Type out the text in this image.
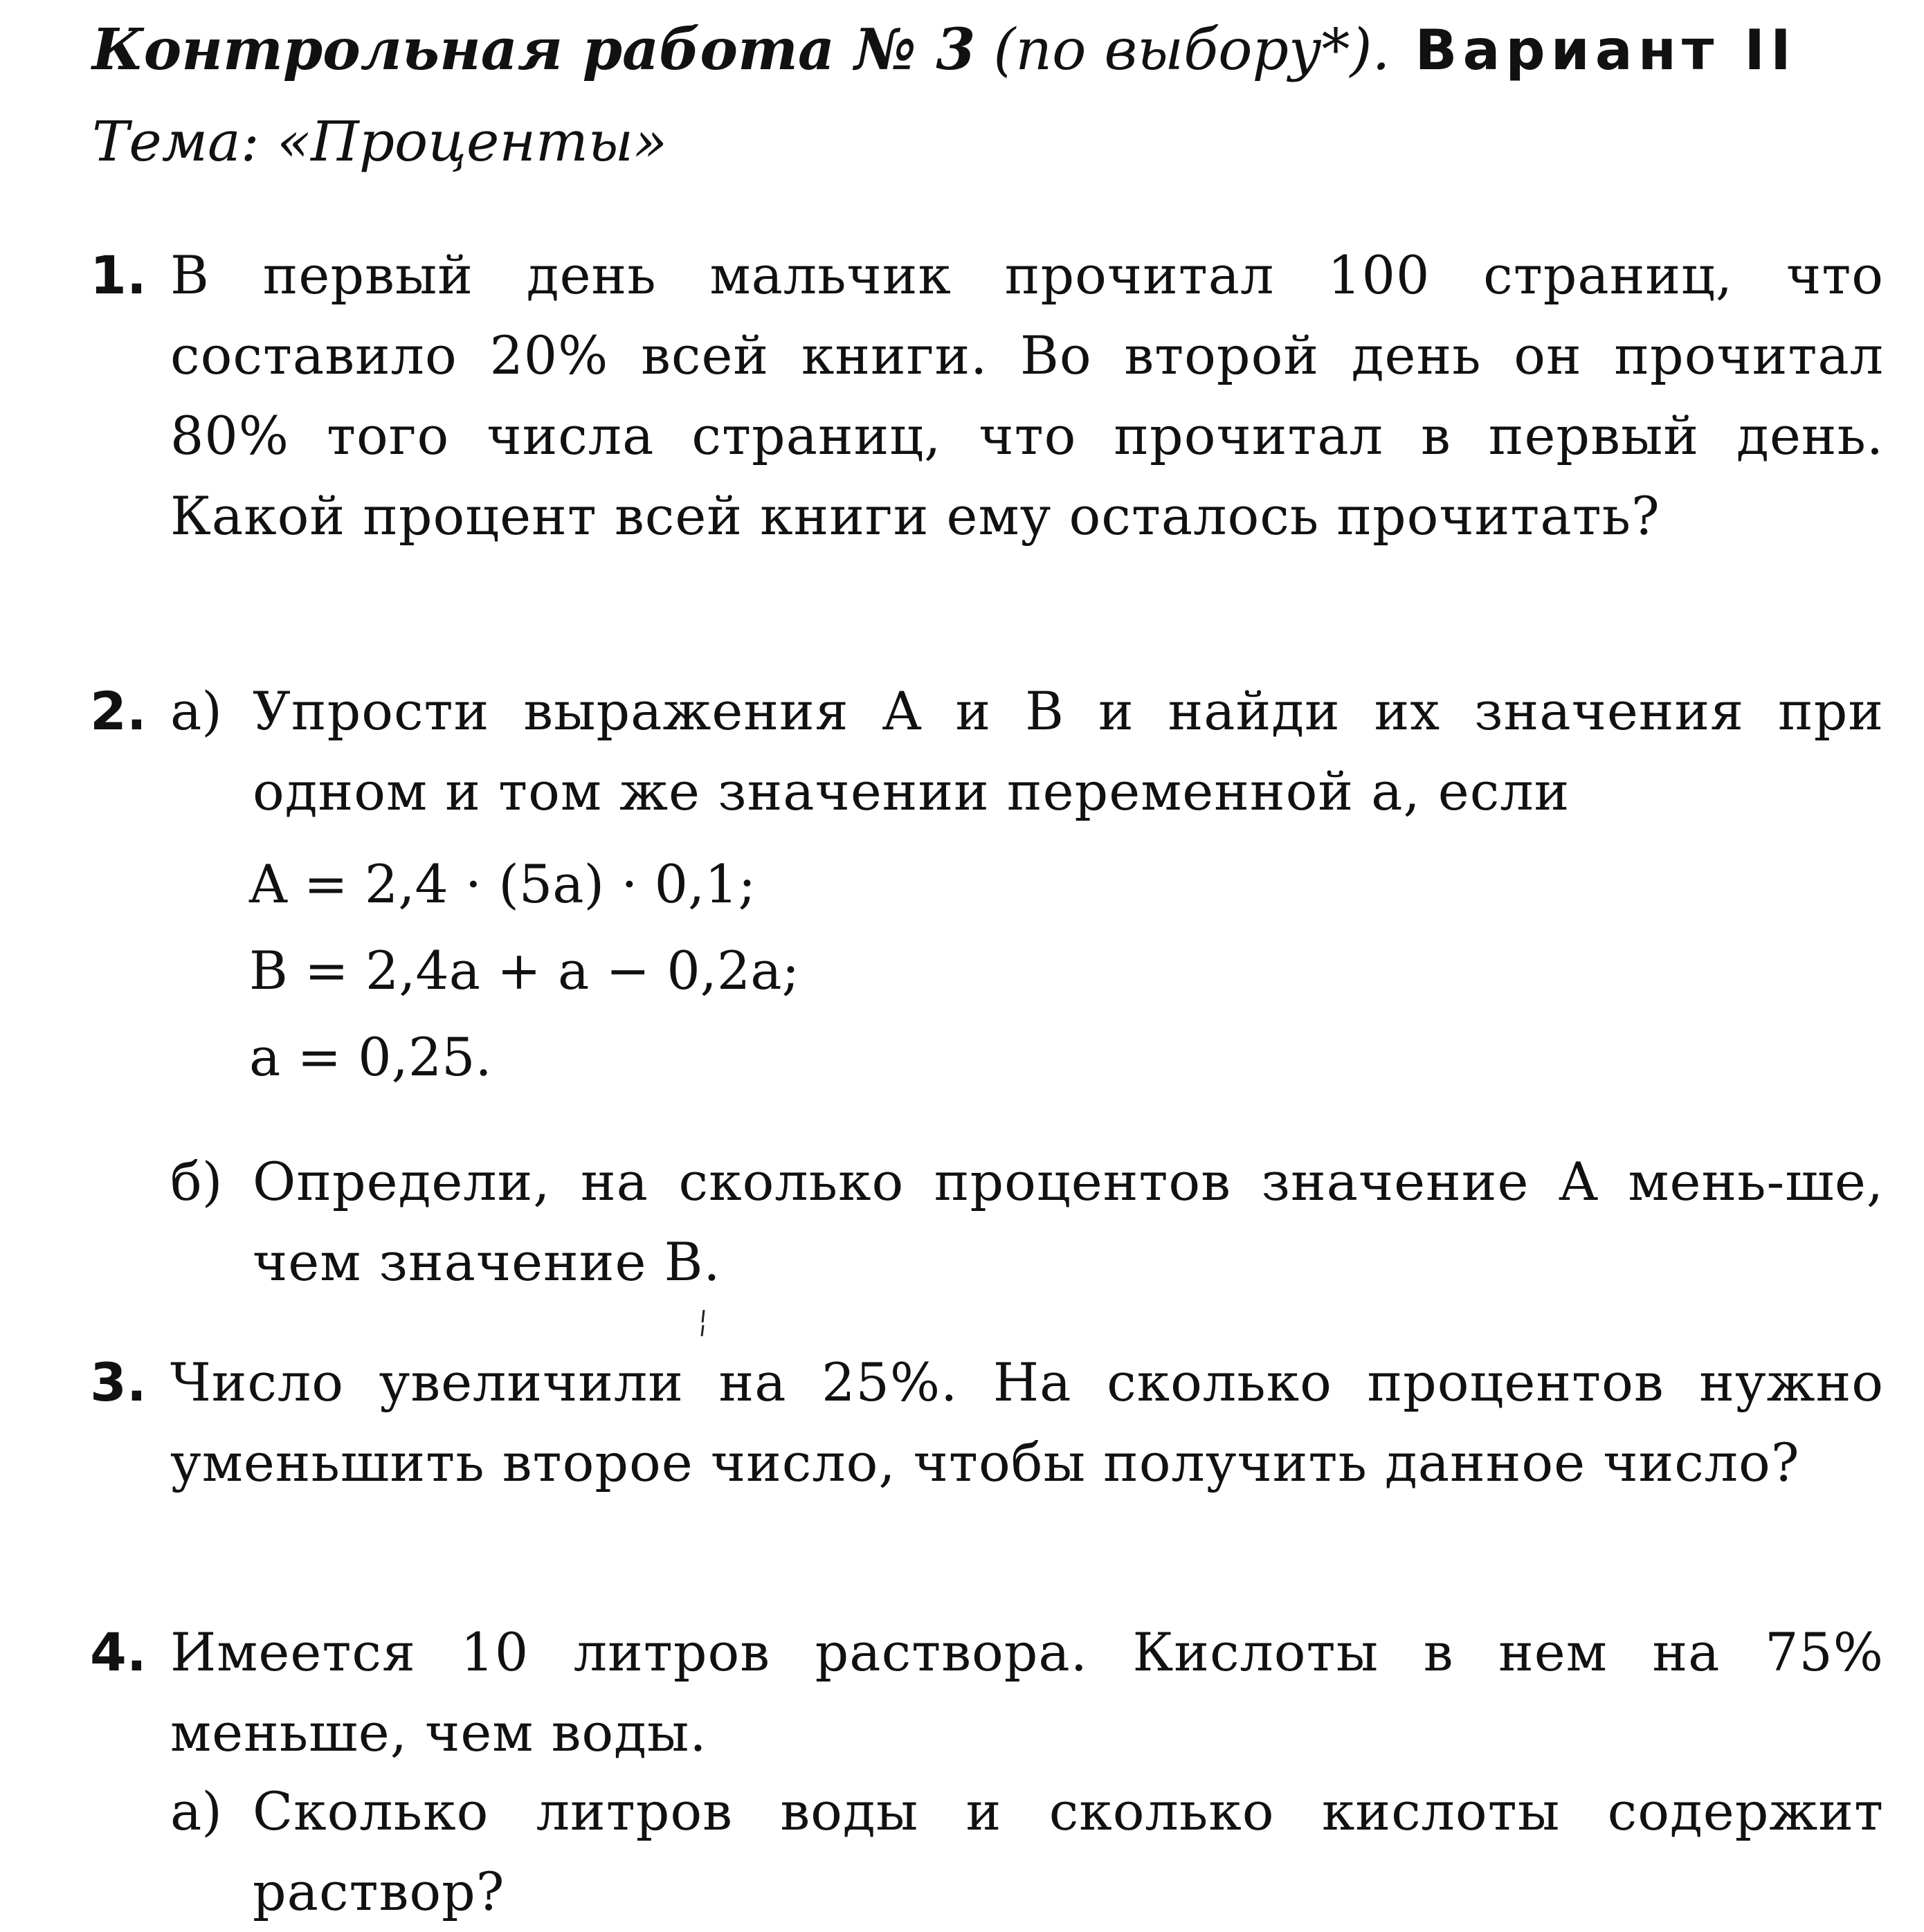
Контрольная работа № 3 (по выбору*). Вариант II
Тема: «Проценты»
1. В первый день мальчик прочитал 100 страниц, что составило 20% всей книги. Во второй день он прочитал 80% того числа страниц, что прочитал в первый день. Какой процент всей книги ему осталось прочитать?
2. а) Упрости выражения A и B и найди их значения при одном и том же значении переменной a, если
A = 2,4 · (5a) · 0,1;
B = 2,4a + a − 0,2a;
a = 0,25.
б) Определи, на сколько процентов значение A мень-ше, чем значение B.
3. Число увеличили на 25%. На сколько процентов нужно уменьшить второе число, чтобы получить данное число?
4. Имеется 10 литров раствора. Кислоты в нем на 75% меньше, чем воды.
а) Сколько литров воды и сколько кислоты содержит раствор?
